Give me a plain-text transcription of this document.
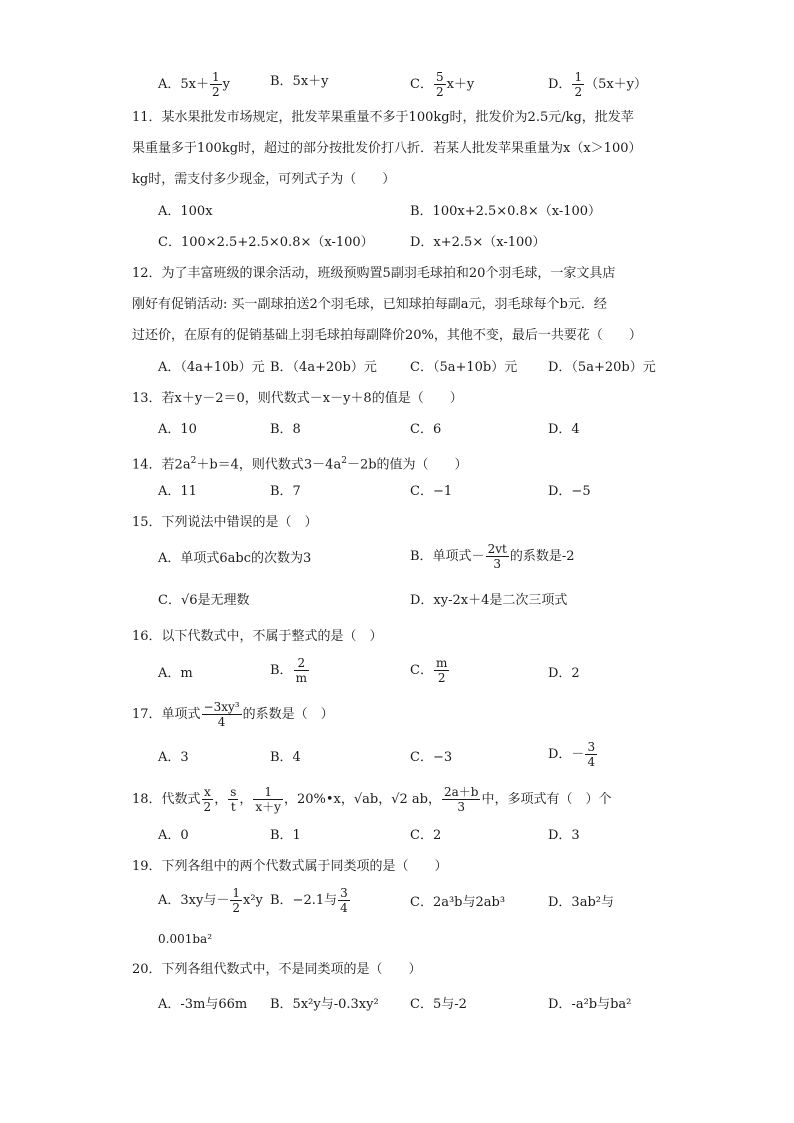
A．$5x+ \frac{1}{2}$ y	B．5x＋y	C． $\frac{5}{2} x+y$	D． $\frac{1}{2} (5x+y)$
11．某水果批发市场规定，批发苹果重量不多于100kg时，批发价为2.5元/kg，批发苹
果重量多于100kg时，超过的部分按批发价打八折．若某人批发苹果重量为x（x＞100）
kg时，需支付多少现金，可列式子为（　　）
A．100x	B．100x+2.5×0.8×（x-100）
C．100×2.5+2.5×0.8×（x-100）	D．x+2.5×（x-100）
12．为了丰富班级的课余活动，班级预购置5副羽毛球拍和20个羽毛球，一家文具店
刚好有促销活动: 买一副球拍送2个羽毛球，已知球拍每副a元，羽毛球每个b元．经
过还价，在原有的促销基础上羽毛球拍每副降价20%，其他不变，最后一共要花（　　）
A．（4a+10b）元 B．（4a+20b）元	C．（5a+10b）元 D．（5a+20b）元
13．若x＋y－2＝0，则代数式－x－y＋8的值是（　　）
A．10	B．8	C．6	D．4
14．若$2a^2+b=4$，则代数式$3-4a^2-2b$的值为（　　）
A．11	B．7	C．−1	D．−5
15．下列说法中错误的是（　）
A．单项式6abc的次数为3	B．单项式－ $\frac{2vt}{3}$ 的系数是-2
C．√6是无理数	D．xy-2x＋4是二次三项式
16．以下代数式中，不属于整式的是（　）
A．m	B． $\frac{2}{m}$	C． $\frac{m}{2}$	D．2
17．单项式 $\frac{\text{−3xy³}}{4}$ 的系数是（　）
A．3	B．4	C．−3	D．－ $\frac{3}{4}$
18．代数式 $\frac{x}{2}$ ， $\frac{s}{t}$ ， $\frac{1}{x+y}$ ，20%•x，√ab，√2 ab， $\frac{2a+b}{3}$ 中，多项式有（　）个
A．0	B．1	C．2	D．3
19．下列各组中的两个代数式属于同类项的是（　　）
A．3xy与－ $\frac{1}{2} x^2y$ B．−2.1与 $\frac{3}{4}$	C．2a³b与2ab³	D．3ab²与
0.001ba²
20．下列各组代数式中，不是同类项的是（　　）
A．-3m与66m B．5x²y与-0.3xy² C．5与-2	D．-a²b与ba²
